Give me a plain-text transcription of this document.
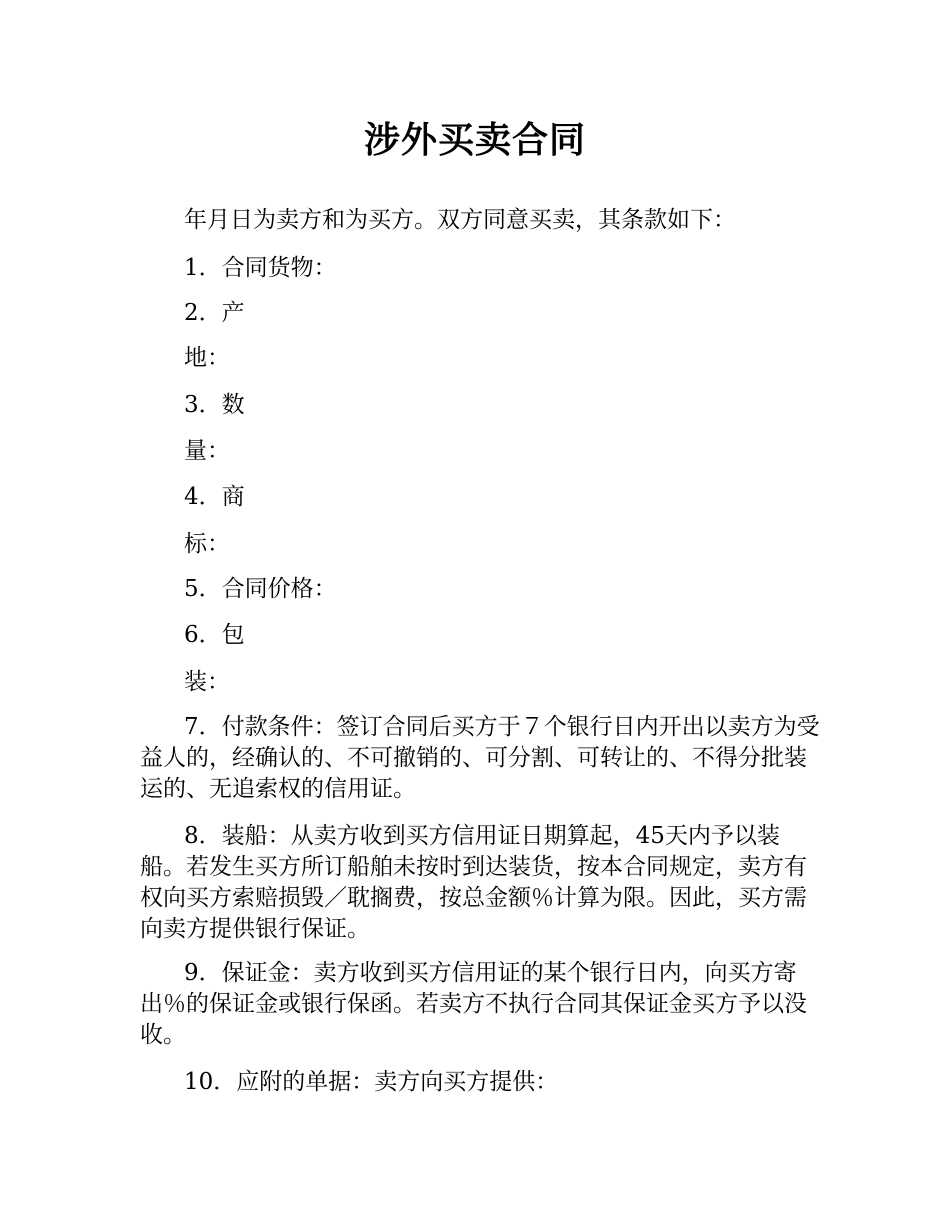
涉外买卖合同

年月日为卖方和为买方。双方同意买卖，其条款如下：

1．合同货物：

2．产

地：

3．数

量：

4．商

标：

5．合同价格：

6．包

装：

7．付款条件：签订合同后买方于７个银行日内开出以卖方为受益人的，经确认的、不可撤销的、可分割、可转让的、不得分批装运的、无追索权的信用证。

8．装船：从卖方收到买方信用证日期算起，45天内予以装船。若发生买方所订船舶未按时到达装货，按本合同规定，卖方有权向买方索赔损毁／耽搁费，按总金额％计算为限。因此，买方需向卖方提供银行保证。

9．保证金：卖方收到买方信用证的某个银行日内，向买方寄出％的保证金或银行保函。若卖方不执行合同其保证金买方予以没收。

10．应附的单据：卖方向买方提供：
